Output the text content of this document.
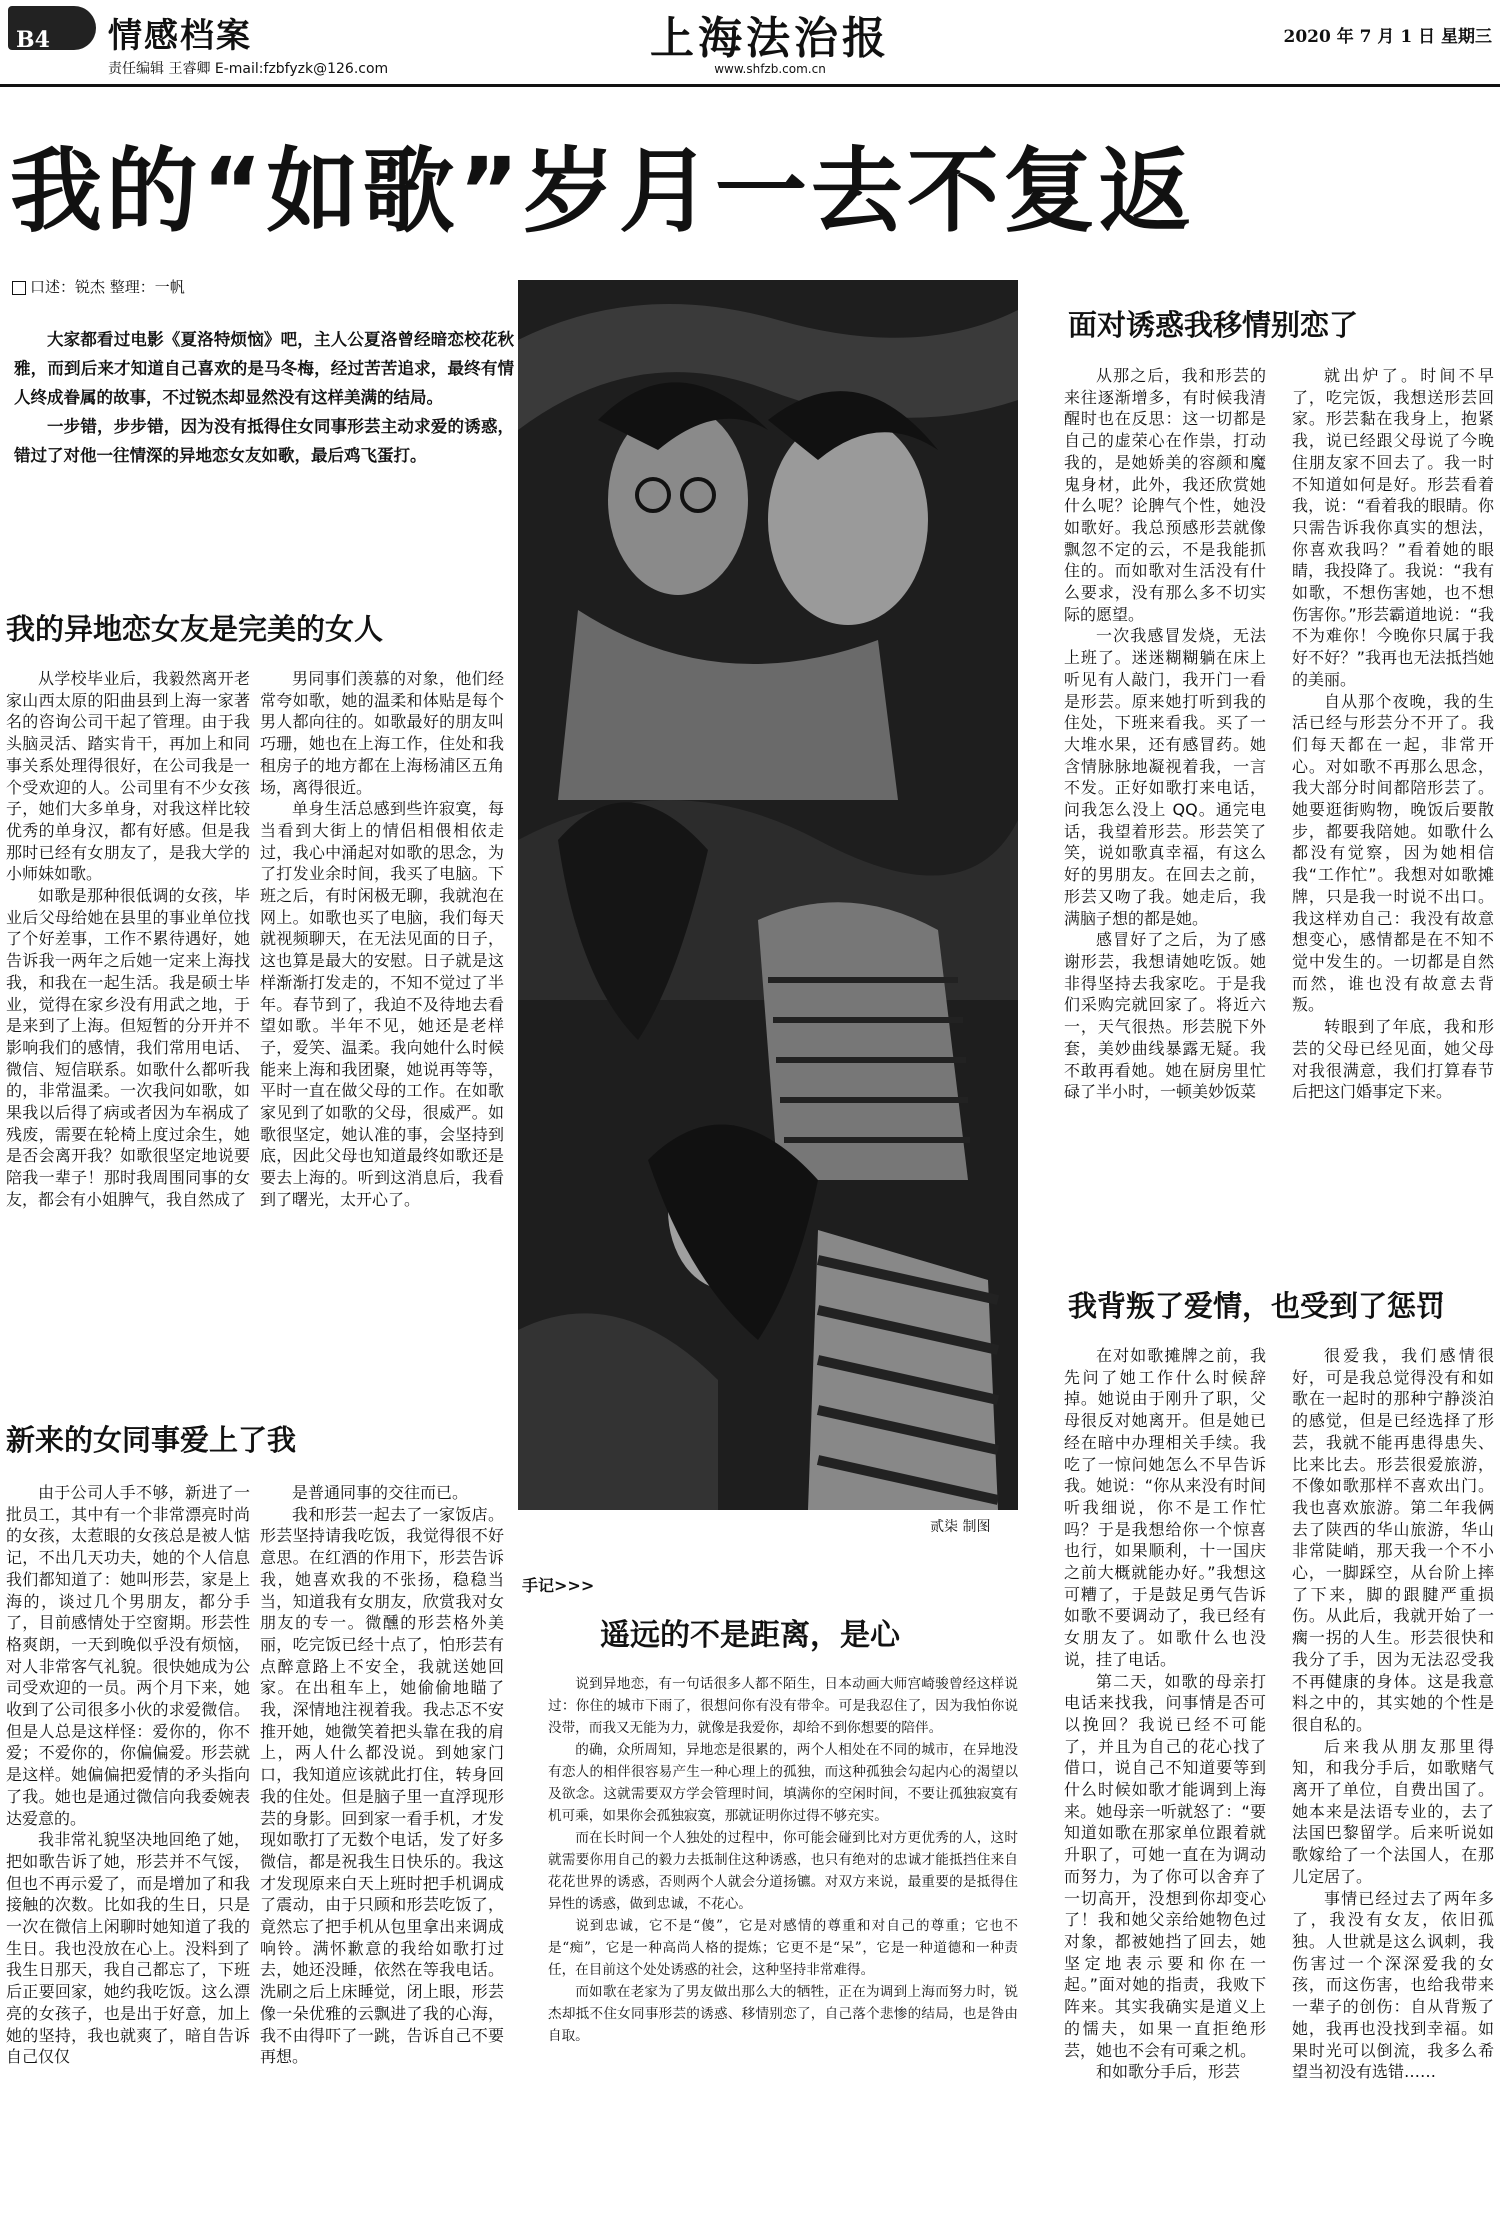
$_{B4}$	情感档案
责任编辑 王睿卿 E-mail:fzbfyzk@126.com
上海法治报
www.shfzb.com.cn
2020 年 7 月 1 日 星期三
我的“如歌”岁月一去不复返
口述：锐杰 整理：一帆

大家都看过电影《夏洛特烦恼》吧，主人公夏洛曾经暗恋校花秋雅，而到后来才知道自己喜欢的是马冬梅，经过苦苦追求，最终有情人终成眷属的故事，不过锐杰却显然没有这样美满的结局。

一步错，步步错，因为没有抵得住女同事形芸主动求爱的诱惑，错过了对他一往情深的异地恋女友如歌，最后鸡飞蛋打。

我的异地恋女友是完美的女人

从学校毕业后，我毅然离开老家山西太原的阳曲县到上海一家著名的咨询公司干起了管理。由于我头脑灵活、踏实肯干，再加上和同事关系处理得很好，在公司我是一个受欢迎的人。公司里有不少女孩子，她们大多单身，对我这样比较优秀的单身汉，都有好感。但是我那时已经有女朋友了，是我大学的小师妹如歌。

如歌是那种很低调的女孩，毕业后父母给她在县里的事业单位找了个好差事，工作不累待遇好，她告诉我一两年之后她一定来上海找我，和我在一起生活。我是硕士毕业，觉得在家乡没有用武之地，于是来到了上海。但短暂的分开并不影响我们的感情，我们常用电话、微信、短信联系。如歌什么都听我的，非常温柔。一次我问如歌，如果我以后得了病或者因为车祸成了残废，需要在轮椅上度过余生，她是否会离开我？如歌很坚定地说要陪我一辈子！那时我周围同事的女友，都会有小姐脾气，我自然成了

男同事们羡慕的对象，他们经常夸如歌，她的温柔和体贴是每个男人都向往的。如歌最好的朋友叫巧珊，她也在上海工作，住处和我租房子的地方都在上海杨浦区五角场，离得很近。

单身生活总感到些许寂寞，每当看到大街上的情侣相偎相依走过，我心中涌起对如歌的思念，为了打发业余时间，我买了电脑。下班之后，有时闲极无聊，我就泡在网上。如歌也买了电脑，我们每天就视频聊天，在无法见面的日子，这也算是最大的安慰。日子就是这样渐渐打发走的，不知不觉过了半年。春节到了，我迫不及待地去看望如歌。半年不见，她还是老样子，爱笑、温柔。我向她什么时候能来上海和我团聚，她说再等等，平时一直在做父母的工作。在如歌家见到了如歌的父母，很威严。如歌很坚定，她认准的事，会坚持到底，因此父母也知道最终如歌还是要去上海的。听到这消息后，我看到了曙光，太开心了。

新来的女同事爱上了我

由于公司人手不够，新进了一批员工，其中有一个非常漂亮时尚的女孩，太惹眼的女孩总是被人惦记，不出几天功夫，她的个人信息我们都知道了：她叫形芸，家是上海的，谈过几个男朋友，都分手了，目前感情处于空窗期。形芸性格爽朗，一天到晚似乎没有烦恼，对人非常客气礼貌。很快她成为公司受欢迎的一员。两个月下来，她收到了公司很多小伙的求爱微信。但是人总是这样怪：爱你的，你不爱；不爱你的，你偏偏爱。形芸就是这样。她偏偏把爱情的矛头指向了我。她也是通过微信向我委婉表达爱意的。

我非常礼貌坚决地回绝了她，把如歌告诉了她，形芸并不气馁，但也不再示爱了，而是增加了和我接触的次数。比如我的生日，只是一次在微信上闲聊时她知道了我的生日。我也没放在心上。没料到了我生日那天，我自己都忘了，下班后正要回家，她约我吃饭。这么漂亮的女孩子，也是出于好意，加上她的坚持，我也就爽了，暗自告诉自己仅仅

是普通同事的交往而已。

我和形芸一起去了一家饭店。形芸坚持请我吃饭，我觉得很不好意思。在红酒的作用下，形芸告诉我，她喜欢我的不张扬，稳稳当当，知道我有女朋友，欣赏我对女朋友的专一。微醺的形芸格外美丽，吃完饭已经十点了，怕形芸有点醉意路上不安全，我就送她回家。在出租车上，她偷偷地瞄了我，深情地注视着我。我忐忑不安推开她，她微笑着把头靠在我的肩上，两人什么都没说。到她家门口，我知道应该就此打住，转身回我的住处。但是脑子里一直浮现形芸的身影。回到家一看手机，才发现如歌打了无数个电话，发了好多微信，都是祝我生日快乐的。我这才发现原来白天上班时把手机调成了震动，由于只顾和形芸吃饭了，竟然忘了把手机从包里拿出来调成响铃。满怀歉意的我给如歌打过去，她还没睡，依然在等我电话。洗刷之后上床睡觉，闭上眼，形芸像一朵优雅的云飘进了我的心海，我不由得吓了一跳，告诉自己不要再想。

贰柒 制图
手记>>>
遥远的不是距离，是心

说到异地恋，有一句话很多人都不陌生，日本动画大师宫崎骏曾经这样说过：你住的城市下雨了，很想问你有没有带伞。可是我忍住了，因为我怕你说没带，而我又无能为力，就像是我爱你，却给不到你想要的陪伴。

的确，众所周知，异地恋是很累的，两个人相处在不同的城市，在异地没有恋人的相伴很容易产生一种心理上的孤独，而这种孤独会勾起内心的渴望以及欲念。这就需要双方学会管理时间，填满你的空闲时间，不要让孤独寂寞有机可乘，如果你会孤独寂寞，那就证明你过得不够充实。

而在长时间一个人独处的过程中，你可能会碰到比对方更优秀的人，这时就需要你用自己的毅力去抵制住这种诱惑，也只有绝对的忠诚才能抵挡住来自花花世界的诱惑，否则两个人就会分道扬镳。对双方来说，最重要的是抵得住异性的诱惑，做到忠诚，不花心。

说到忠诚，它不是“傻”，它是对感情的尊重和对自己的尊重；它也不是“痴”，它是一种高尚人格的提炼；它更不是“呆”，它是一种道德和一种责任，在目前这个处处诱惑的社会，这种坚持非常难得。

而如歌在老家为了男友做出那么大的牺牲，正在为调到上海而努力时，锐杰却抵不住女同事形芸的诱惑、移情别恋了，自己落个悲惨的结局，也是咎由自取。

面对诱惑我移情别恋了

从那之后，我和形芸的来往逐渐增多，有时候我清醒时也在反思：这一切都是自己的虚荣心在作祟，打动我的，是她娇美的容颜和魔鬼身材，此外，我还欣赏她什么呢？论脾气个性，她没如歌好。我总预感形芸就像飘忽不定的云，不是我能抓住的。而如歌对生活没有什么要求，没有那么多不切实际的愿望。

一次我感冒发烧，无法上班了。迷迷糊糊躺在床上听见有人敲门，我开门一看是形芸。原来她打听到我的住处，下班来看我。买了一大堆水果，还有感冒药。她含情脉脉地凝视着我，一言不发。正好如歌打来电话，问我怎么没上 QQ。通完电话，我望着形芸。形芸笑了笑，说如歌真幸福，有这么好的男朋友。在回去之前，形芸又吻了我。她走后，我满脑子想的都是她。

感冒好了之后，为了感谢形芸，我想请她吃饭。她非得坚持去我家吃。于是我们采购完就回家了。将近六一，天气很热。形芸脱下外套，美妙曲线暴露无疑。我不敢再看她。她在厨房里忙碌了半小时，一顿美妙饭菜

就出炉了。时间不早了，吃完饭，我想送形芸回家。形芸黏在我身上，抱紧我，说已经跟父母说了今晚住朋友家不回去了。我一时不知道如何是好。形芸看着我，说：“看着我的眼睛。你只需告诉我你真实的想法，你喜欢我吗？”看着她的眼睛，我投降了。我说：“我有如歌，不想伤害她，也不想伤害你。”形芸霸道地说：“我不为难你！今晚你只属于我好不好？”我再也无法抵挡她的美丽。

自从那个夜晚，我的生活已经与形芸分不开了。我们每天都在一起，非常开心。对如歌不再那么思念，我大部分时间都陪形芸了。她要逛街购物，晚饭后要散步，都要我陪她。如歌什么都没有觉察，因为她相信我“工作忙”。我想对如歌摊牌，只是我一时说不出口。我这样劝自己：我没有故意想变心，感情都是在不知不觉中发生的。一切都是自然而然，谁也没有故意去背叛。

转眼到了年底，我和形芸的父母已经见面，她父母对我很满意，我们打算春节后把这门婚事定下来。

我背叛了爱情，也受到了惩罚

在对如歌摊牌之前，我先问了她工作什么时候辞掉。她说由于刚升了职，父母很反对她离开。但是她已经在暗中办理相关手续。我吃了一惊问她怎么不早告诉我。她说：“你从来没有时间听我细说，你不是工作忙吗？于是我想给你一个惊喜也行，如果顺利，十一国庆之前大概就能办好。”我想这可糟了，于是鼓足勇气告诉如歌不要调动了，我已经有女朋友了。如歌什么也没说，挂了电话。

第二天，如歌的母亲打电话来找我，问事情是否可以挽回？我说已经不可能了，并且为自己的花心找了借口，说自己不知道要等到什么时候如歌才能调到上海来。她母亲一听就怒了：“要知道如歌在那家单位跟着就升职了，可她一直在为调动而努力，为了你可以舍弃了一切高开，没想到你却变心了！我和她父亲给她物色过对象，都被她挡了回去，她坚定地表示要和你在一起。”面对她的指责，我败下阵来。其实我确实是道义上的懦夫，如果一直拒绝形芸，她也不会有可乘之机。

和如歌分手后，形芸

很爱我，我们感情很好，可是我总觉得没有和如歌在一起时的那种宁静淡泊的感觉，但是已经选择了形芸，我就不能再患得患失、比来比去。形芸很爱旅游，不像如歌那样不喜欢出门。我也喜欢旅游。第二年我俩去了陕西的华山旅游，华山非常陡峭，那天我一个不小心，一脚踩空，从台阶上摔了下来，脚的跟腱严重损伤。从此后，我就开始了一瘸一拐的人生。形芸很快和我分了手，因为无法忍受我不再健康的身体。这是我意料之中的，其实她的个性是很自私的。

后来我从朋友那里得知，和我分手后，如歌赌气离开了单位，自费出国了。她本来是法语专业的，去了法国巴黎留学。后来听说如歌嫁给了一个法国人，在那儿定居了。

事情已经过去了两年多了，我没有女友，依旧孤独。人世就是这么讽刺，我伤害过一个深深爱我的女孩，而这伤害，也给我带来一辈子的创伤：自从背叛了她，我再也没找到幸福。如果时光可以倒流，我多么希望当初没有选错……
